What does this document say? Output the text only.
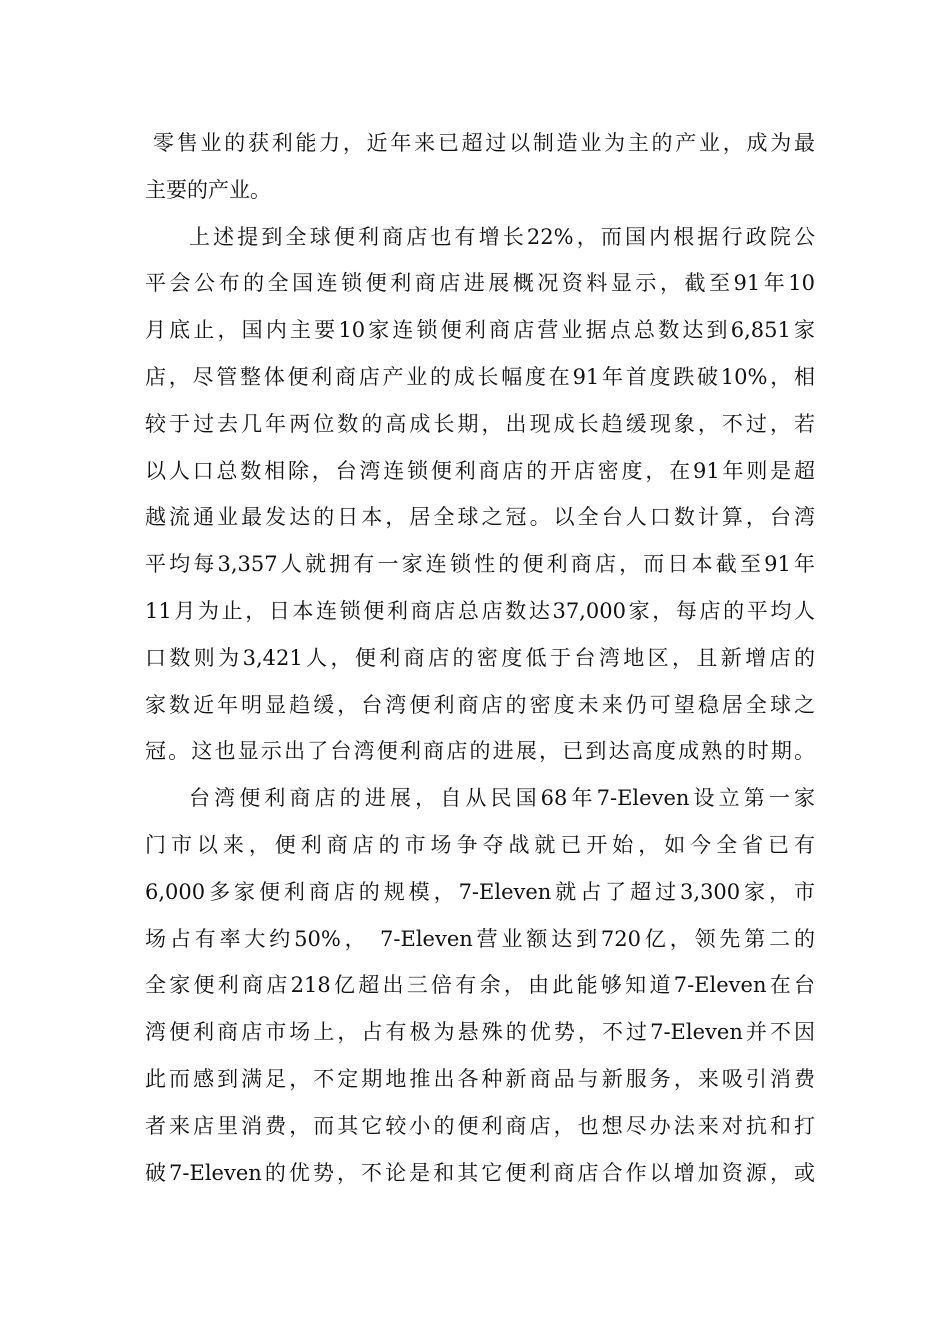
零售业的获利能力，近年来已超过以制造业为主的产业，成为最
主要的产业。
上述提到全球便利商店也有增长22%，而国内根据行政院公
平会公布的全国连锁便利商店进展概况资料显示，截至91年10
月底止，国内主要10家连锁便利商店营业据点总数达到6,851家
店，尽管整体便利商店产业的成长幅度在91年首度跌破10%，相
较于过去几年两位数的高成长期，出现成长趋缓现象，不过，若
以人口总数相除，台湾连锁便利商店的开店密度，在91年则是超
越流通业最发达的日本，居全球之冠。以全台人口数计算，台湾
平均每3,357人就拥有一家连锁性的便利商店，而日本截至91年
11月为止，日本连锁便利商店总店数达37,000家，每店的平均人
口数则为3,421人，便利商店的密度低于台湾地区，且新增店的
家数近年明显趋缓，台湾便利商店的密度未来仍可望稳居全球之
冠。这也显示出了台湾便利商店的进展，已到达高度成熟的时期。
台湾便利商店的进展，自从民国68年7-Eleven设立第一家
门市以来，便利商店的市场争夺战就已开始，如今全省已有
6,000多家便利商店的规模，7-Eleven就占了超过3,300家，市
场占有率大约50%， 7-Eleven营业额达到720亿，领先第二的
全家便利商店218亿超出三倍有余，由此能够知道7-Eleven在台
湾便利商店市场上，占有极为悬殊的优势，不过7-Eleven并不因
此而感到满足，不定期地推出各种新商品与新服务，来吸引消费
者来店里消费，而其它较小的便利商店，也想尽办法来对抗和打
破7-Eleven的优势，不论是和其它便利商店合作以增加资源，或
